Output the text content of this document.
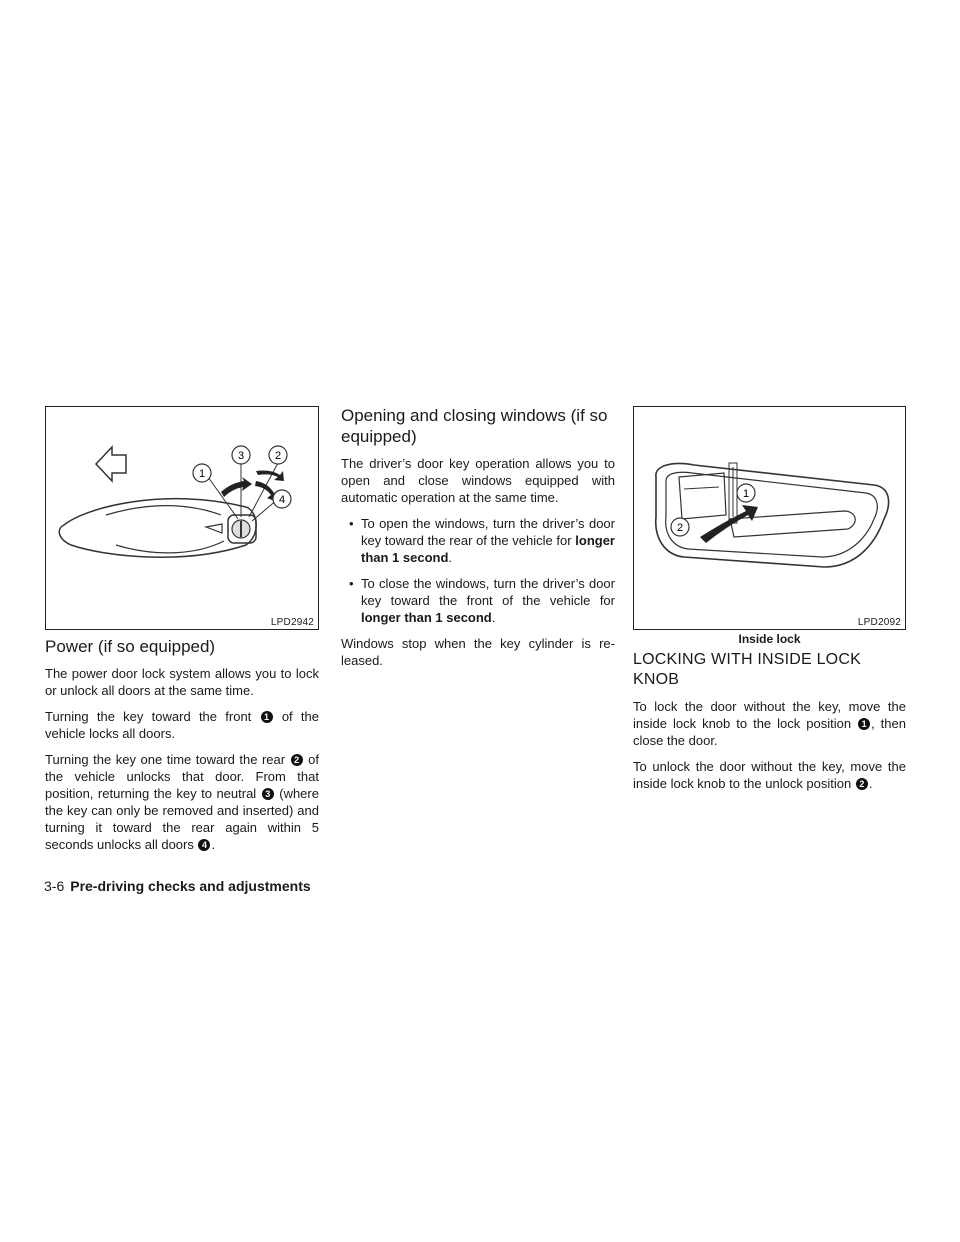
1
3	2
4
LPD2942
Power (if so equipped)

The power door lock system allows you to lock or unlock all doors at the same time.

Turning the key toward the front 1 of the vehicle locks all doors.

Turning the key one time toward the rear 2 of the vehicle unlocks that door. From that position, returning the key to neutral 3 (where the key can only be removed and inserted) and turning it toward the rear again within 5 seconds unlocks all doors 4 .

Opening and closing windows (if so equipped)

The driver’s door key operation allows you to open and close windows equipped with automatic operation at the same time.

• To open the windows, turn the driver’s door key toward the rear of the vehicle for longer than 1 second.
• To close the windows, turn the driver’s door key toward the front of the vehicle for longer than 1 second.

Windows stop when the key cylinder is re-leased.

1
2
LPD2092
Inside lock
LOCKING WITH INSIDE LOCK KNOB

To lock the door without the key, move the inside lock knob to the lock position 1 , then close the door.

To unlock the door without the key, move the inside lock knob to the unlock position 2 .

3-6 Pre-driving checks and adjustments
